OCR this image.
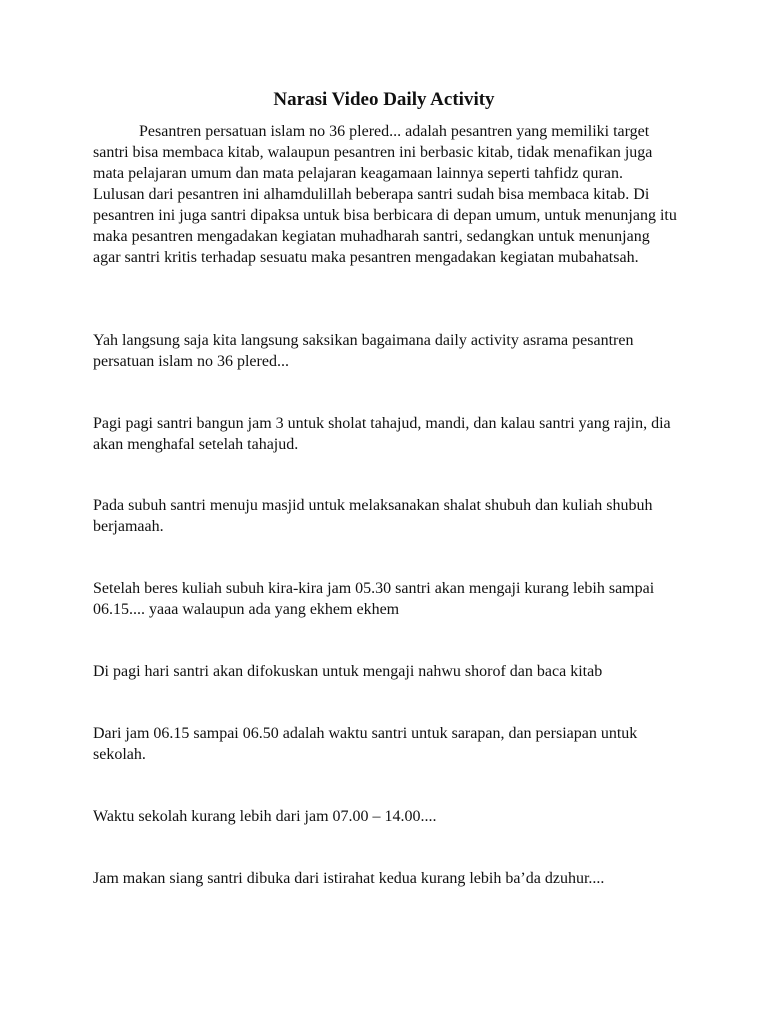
Narasi Video Daily Activity

Pesantren persatuan islam no 36 plered... adalah pesantren yang memiliki target santri bisa membaca kitab, walaupun pesantren ini berbasic kitab, tidak menafikan juga mata pelajaran umum dan mata pelajaran keagamaan lainnya seperti tahfidz quran. Lulusan dari pesantren ini alhamdulillah beberapa santri sudah bisa membaca kitab. Di pesantren ini juga santri dipaksa untuk bisa berbicara di depan umum, untuk menunjang itu maka pesantren mengadakan kegiatan muhadharah santri, sedangkan untuk menunjang agar santri kritis terhadap sesuatu maka pesantren mengadakan kegiatan mubahatsah.

Yah langsung saja kita langsung saksikan bagaimana daily activity asrama pesantren persatuan islam no 36 plered...

Pagi pagi santri bangun jam 3 untuk sholat tahajud, mandi, dan kalau santri yang rajin, dia akan menghafal setelah tahajud.

Pada subuh santri menuju masjid untuk melaksanakan shalat shubuh dan kuliah shubuh berjamaah.

Setelah beres kuliah subuh kira-kira jam 05.30 santri akan mengaji kurang lebih sampai 06.15.... yaaa walaupun ada yang ekhem ekhem

Di pagi hari santri akan difokuskan untuk mengaji nahwu shorof dan baca kitab

Dari jam 06.15 sampai 06.50 adalah waktu santri untuk sarapan, dan persiapan untuk sekolah.

Waktu sekolah kurang lebih dari jam 07.00 – 14.00....

Jam makan siang santri dibuka dari istirahat kedua kurang lebih ba’da dzuhur....
